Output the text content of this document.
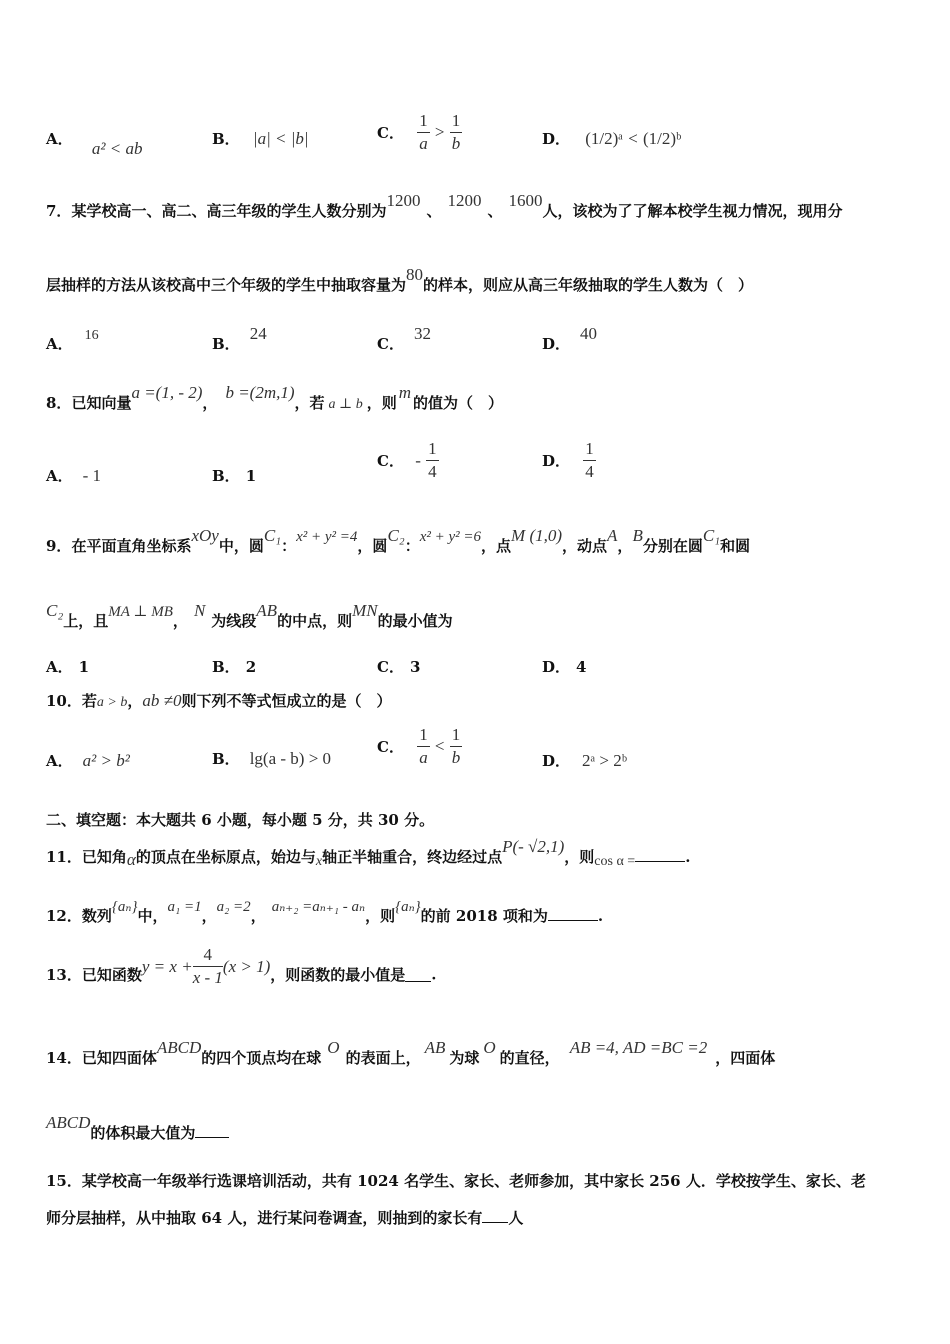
A． a² < ab	B． |a| < |b|	C． $\frac{1}{a} > \frac{1}{b}$	D． (1/2)ᵃ < (1/2)ᵇ
7．某学校高一、高二、高三年级的学生人数分别为1200、1200、1600人，该校为了了解本校学生视力情况，现用分
层抽样的方法从该校高中三个年级的学生中抽取容量为80的样本，则应从高三年级抽取的学生人数为（　）
A． 16	B．24
C．32
D．40
8．已知向量a =(1, - 2)，b =(2m,1)，若 a ⊥ b ，则m的值为（　）
A． - 1	B． 1
C． - $\frac{1}{4}$	D． $\frac{1}{4}$
9．在平面直角坐标系xOy中，圆C₁：x² + y² =4，圆C₂：x² + y² =6，点M (1,0)，动点A，B分别在圆C₁和圆
C₂上，且MA ⊥ MB，N为线段AB的中点，则MN的最小值为
A． 1	B． 2	C． 3	D． 4
10．若a > b，ab ≠0则下列不等式恒成立的是（　）
A． a² > b²	B． lg(a - b) > 0
C． $\frac{1}{a} < \frac{1}{b}$	D． 2ᵃ > 2ᵇ
二、填空题：本大题共 6 小题，每小题 5 分，共 30 分。
11．已知角α的顶点在坐标原点，始边与x轴正半轴重合，终边经过点P(- √2,1)，则cos α =	.
12．数列{aₙ}中，a₁ =1，a₂ =2， aₙ₊₂ =aₙ₊₁ - aₙ，则{aₙ}的前 2018 项和为	.
13．已知函数$y = x + \frac{4}{x - 1} (x > 1)$，则函数的最小值是 .
14．已知四面体ABCD的四个顶点均在球O的表面上，AB为球O的直径，AB =4, AD =BC =2，四面体
ABCD的体积最大值为
15．某学校高一年级举行选课培训活动，共有 1024 名学生、家长、老师参加，其中家长 256 人．学校按学生、家长、老
师分层抽样，从中抽取 64 人，进行某问卷调查，则抽到的家长有 人
